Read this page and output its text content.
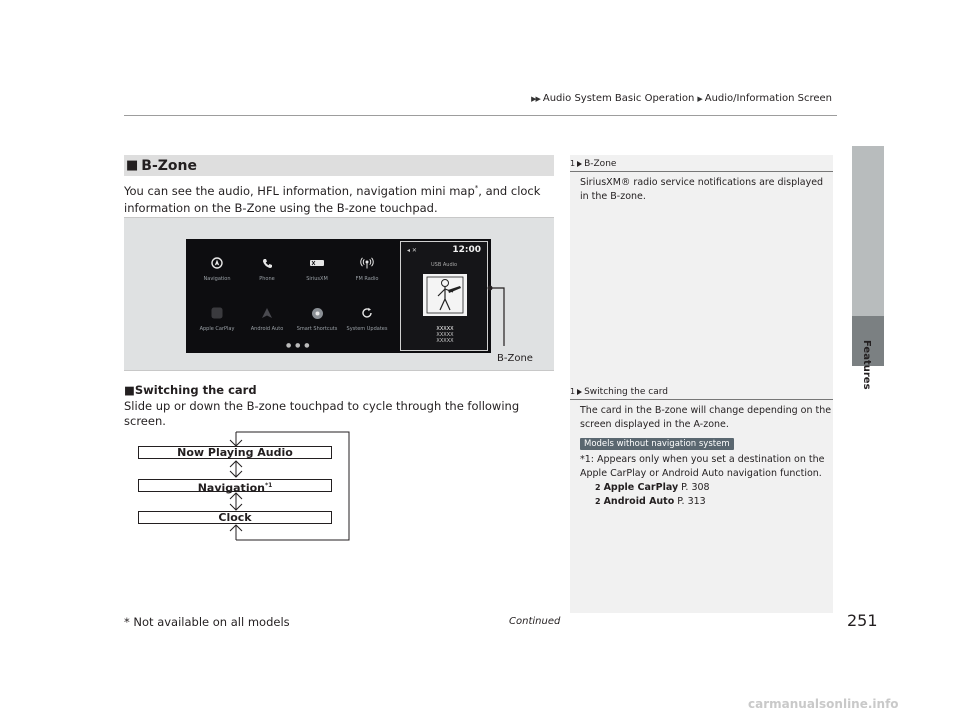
▶▶ Audio System Basic Operation ▶ Audio/Information Screen
Features
■ B-Zone
You can see the audio, HFL information, navigation mini map*, and clock information on the B-Zone using the B-zone touchpad.
Navigation	Phone	SiriusXM	FM Radio
Apple CarPlay	Android Auto	Smart Shortcuts System Updates
● ● ●
◂ ✕	12:00
USB Audio
XXXXX
XXXXX
XXXXX
B-Zone
■Switching the card
Slide up or down the B-zone touchpad to cycle through the following screen.
Now Playing Audio
Navigation$^{*1}$
Clock
1 B-Zone
SiriusXM® radio service notifications are displayed in the B-zone.
1 Switching the card
The card in the B-zone will change depending on the screen displayed in the A-zone.
Models without navigation system
*1: Appears only when you set a destination on the Apple CarPlay or Android Auto navigation function.
2 Apple CarPlay P. 308
2 Android Auto P. 313
* Not available on all models	Continued	251
carmanualsonline.info
